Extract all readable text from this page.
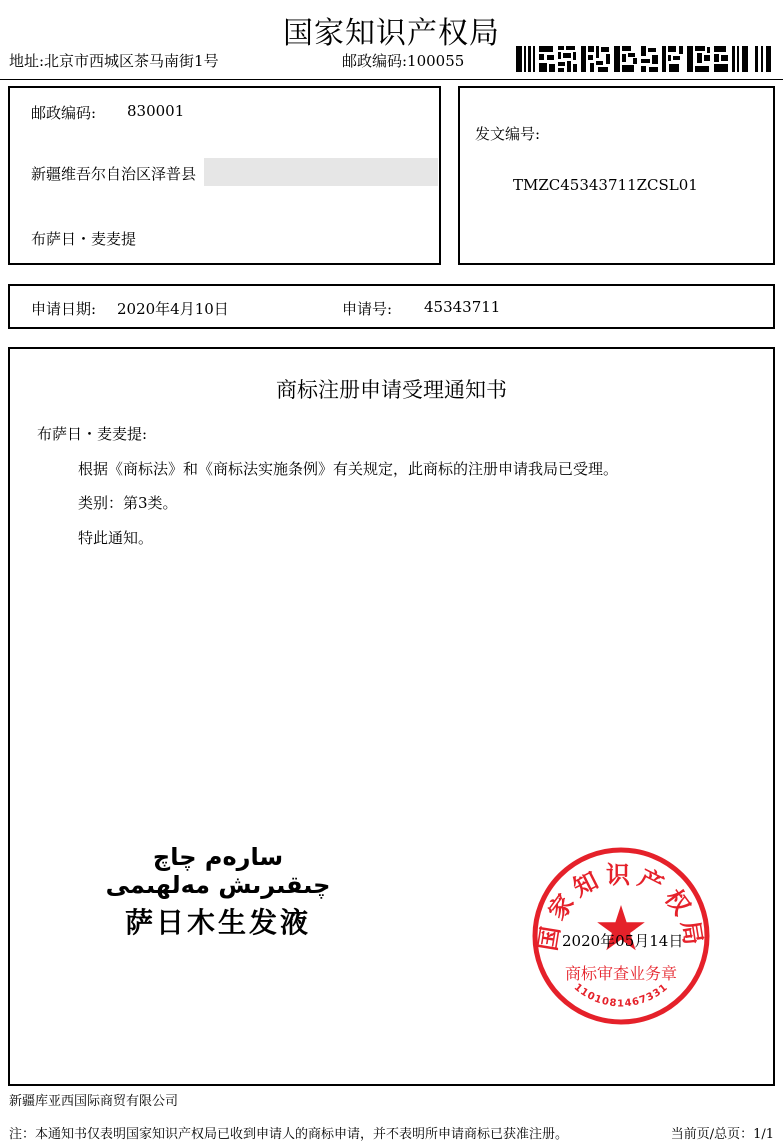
国家知识产权局
地址:北京市西城区茶马南街1号	邮政编码:100055
邮政编码: 830001
新疆维吾尔自治区泽普县
布萨日・麦麦提
发文编号:
TMZC45343711ZCSL01
申请日期: 2020年4月10日	申请号: 45343711
商标注册申请受理通知书
布萨日・麦麦提:
根据《商标法》和《商标法实施条例》有关规定，此商标的注册申请我局已受理。
类别：第3类。
特此通知。
سارەم چاچ چىقىرىش مەلھىمى
萨日木生发液	国家知识产权局
商标审查业务章
1101081467331
2020年05月14日
新疆库亚西国际商贸有限公司
注：本通知书仅表明国家知识产权局已收到申请人的商标申请，并不表明所申请商标已获准注册。	当前页/总页：1/1
